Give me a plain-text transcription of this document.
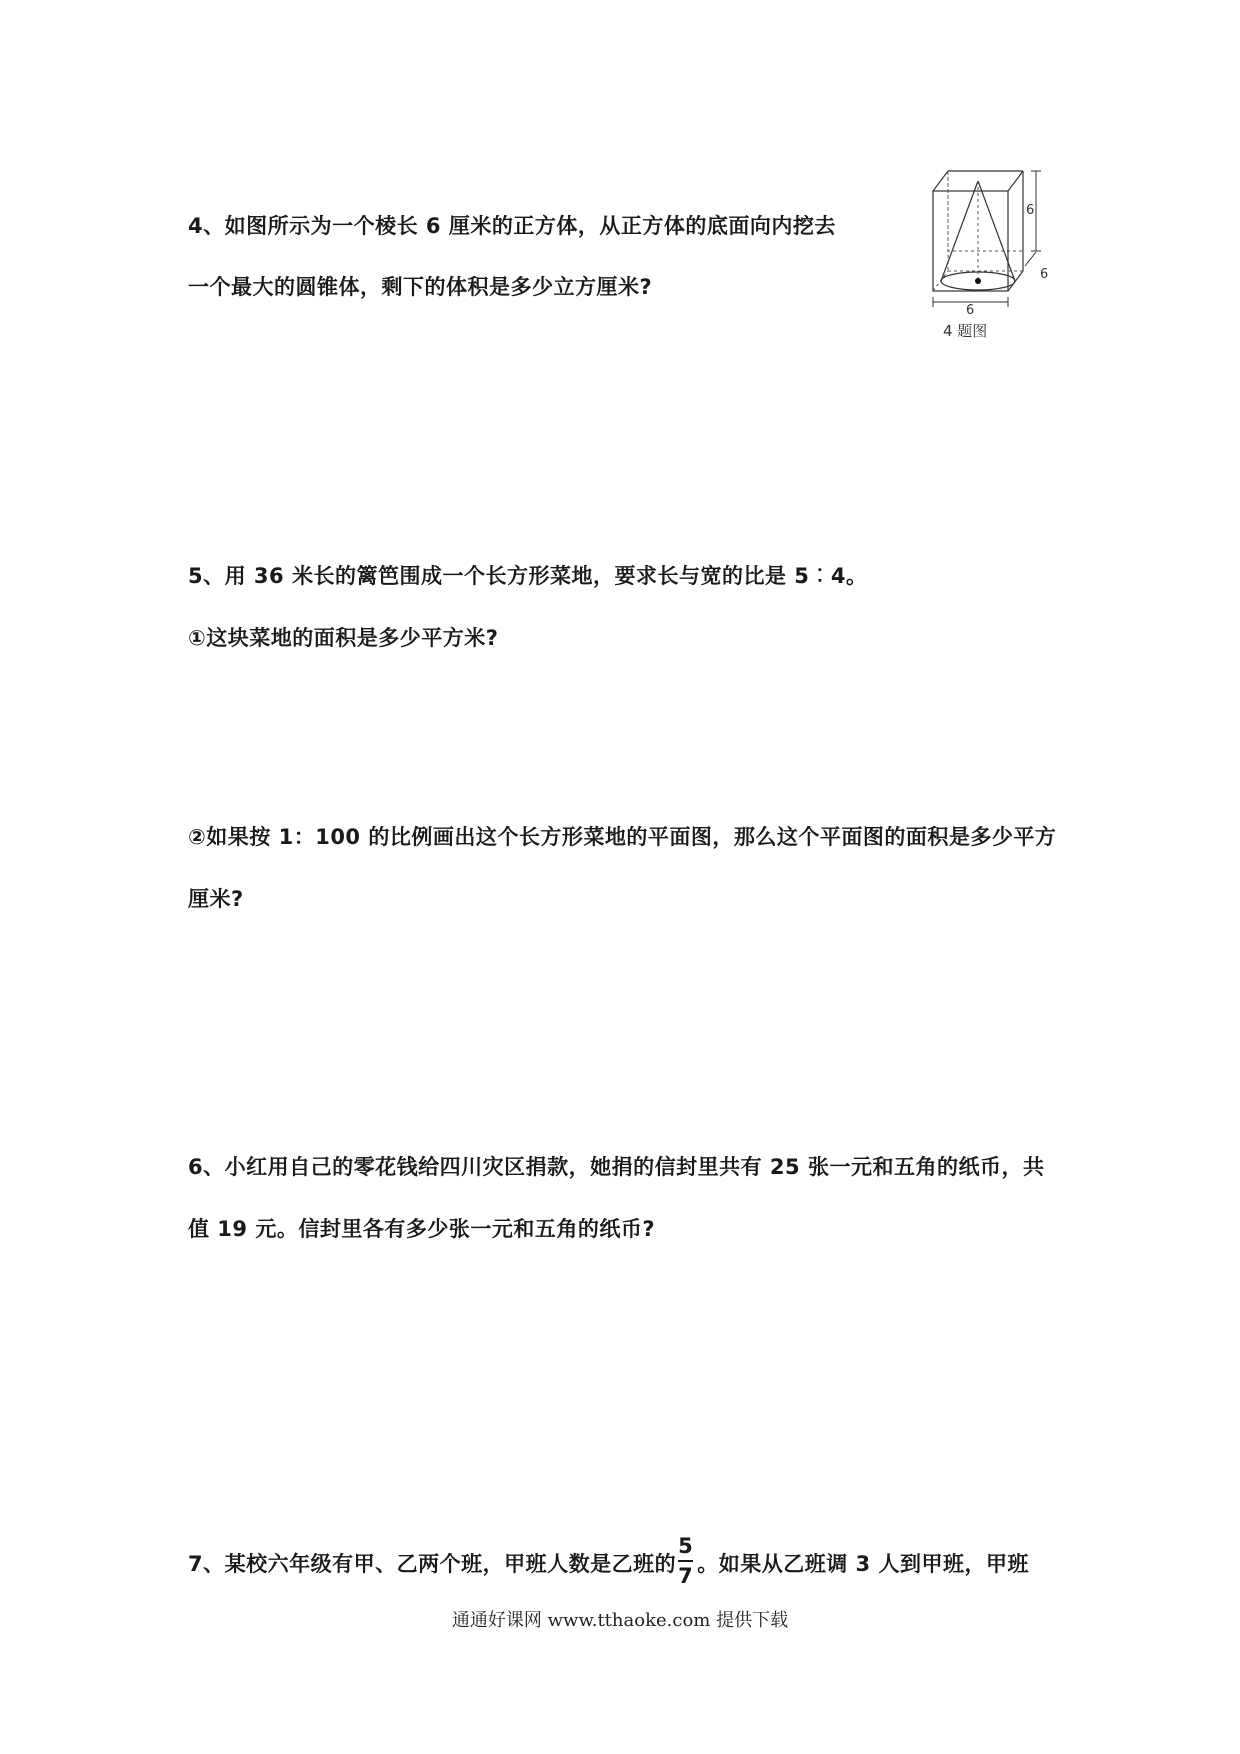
4、如图所示为一个棱长 6 厘米的正方体，从正方体的底面向内挖去
一个最大的圆锥体，剩下的体积是多少立方厘米?
6
6
6
4 题图
5、用 36 米长的篱笆围成一个长方形菜地，要求长与宽的比是 5︰4。
①这块菜地的面积是多少平方米?
②如果按 1：100 的比例画出这个长方形菜地的平面图，那么这个平面图的面积是多少平方
厘米?
6、小红用自己的零花钱给四川灾区捐款，她捐的信封里共有 25 张一元和五角的纸币，共
值 19 元。信封里各有多少张一元和五角的纸币?
7、某校六年级有甲、乙两个班，甲班人数是乙班的 $\frac{5}{7}$ 。如果从乙班调 3 人到甲班，甲班
通通好课网 www.tthaoke.com 提供下载
